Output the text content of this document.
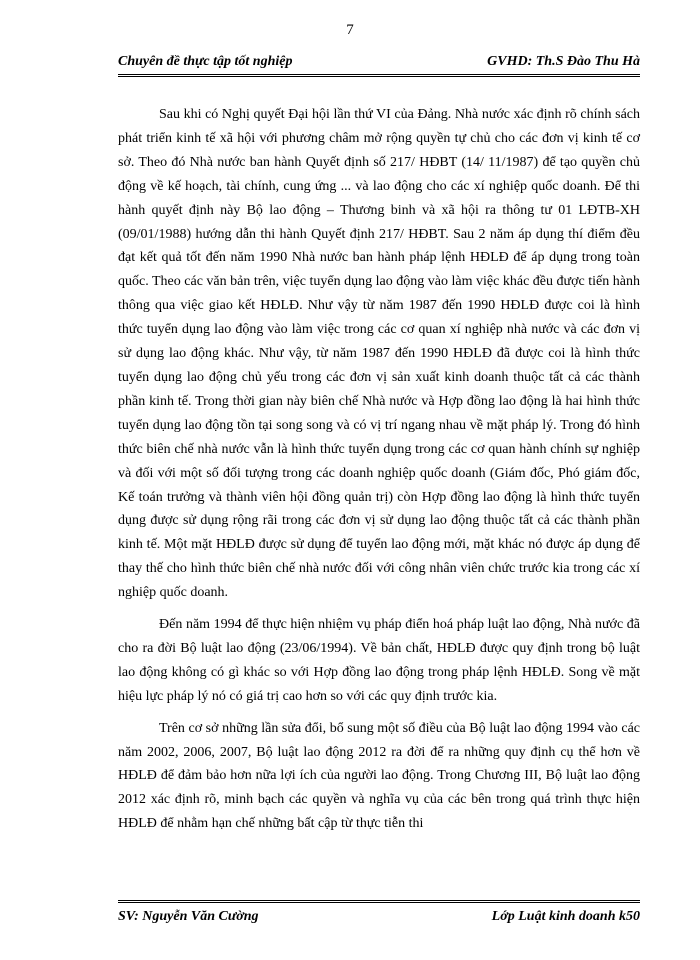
7
Chuyên đề thực tập tốt nghiệp	GVHD: Th.S Đào Thu Hà

Sau khi có Nghị quyết Đại hội lần thứ VI của Đảng. Nhà nước xác định rõ chính sách phát triển kinh tế xã hội với phương châm mở rộng quyền tự chủ cho các đơn vị kinh tế cơ sở. Theo đó Nhà nước ban hành Quyết định số 217/ HĐBT (14/ 11/1987) để tạo quyền chủ động về kế hoạch, tài chính, cung ứng ... và lao động cho các xí nghiệp quốc doanh. Để thi hành quyết định này Bộ lao động – Thương binh và xã hội ra thông tư 01 LĐTB-XH (09/01/1988) hướng dẫn thi hành Quyết định 217/ HĐBT. Sau 2 năm áp dụng thí điểm đều đạt kết quả tốt đến năm 1990 Nhà nước ban hành pháp lệnh HĐLĐ để áp dụng trong toàn quốc. Theo các văn bản trên, việc tuyển dụng lao động vào làm việc khác đều được tiến hành thông qua việc giao kết HĐLĐ. Như vậy từ năm 1987 đến 1990 HĐLĐ được coi là hình thức tuyển dụng lao động vào làm việc trong các cơ quan xí nghiệp nhà nước và các đơn vị sử dụng lao động khác. Như vậy, từ năm 1987 đến 1990 HĐLĐ đã được coi là hình thức tuyển dụng lao động chủ yếu trong các đơn vị sản xuất kinh doanh thuộc tất cả các thành phần kinh tế. Trong thời gian này biên chế Nhà nước và Hợp đồng lao động là hai hình thức tuyển dụng lao động tồn tại song song và có vị trí ngang nhau về mặt pháp lý. Trong đó hình thức biên chế nhà nước vẫn là hình thức tuyển dụng trong các cơ quan hành chính sự nghiệp và đối với một số đối tượng trong các doanh nghiệp quốc doanh (Giám đốc, Phó giám đốc, Kế toán trưởng và thành viên hội đồng quản trị) còn Hợp đồng lao động là hình thức tuyển dụng được sử dụng rộng rãi trong các đơn vị sử dụng lao động thuộc tất cả các thành phần kinh tế. Một mặt HĐLĐ được sử dụng để tuyển lao động mới, mặt khác nó được áp dụng để thay thế cho hình thức biên chế nhà nước đối với công nhân viên chức trước kia trong các xí nghiệp quốc doanh.

Đến năm 1994 để thực hiện nhiệm vụ pháp điển hoá pháp luật lao động, Nhà nước đã cho ra đời Bộ luật lao động (23/06/1994). Về bản chất, HĐLĐ được quy định trong bộ luật lao động không có gì khác so với Hợp đồng lao động trong pháp lệnh HĐLĐ. Song về mặt hiệu lực pháp lý nó có giá trị cao hơn so với các quy định trước kia.

Trên cơ sở những lần sửa đổi, bổ sung một số điều của Bộ luật lao động 1994 vào các năm 2002, 2006, 2007, Bộ luật lao động 2012 ra đời để ra những quy định cụ thể hơn về HĐLĐ để đảm bảo hơn nữa lợi ích của người lao động. Trong Chương III, Bộ luật lao động 2012 xác định rõ, minh bạch các quyền và nghĩa vụ của các bên trong quá trình thực hiện HĐLĐ để nhằm hạn chế những bất cập từ thực tiễn thi

SV: Nguyễn Văn Cường	Lớp Luật kinh doanh k50
